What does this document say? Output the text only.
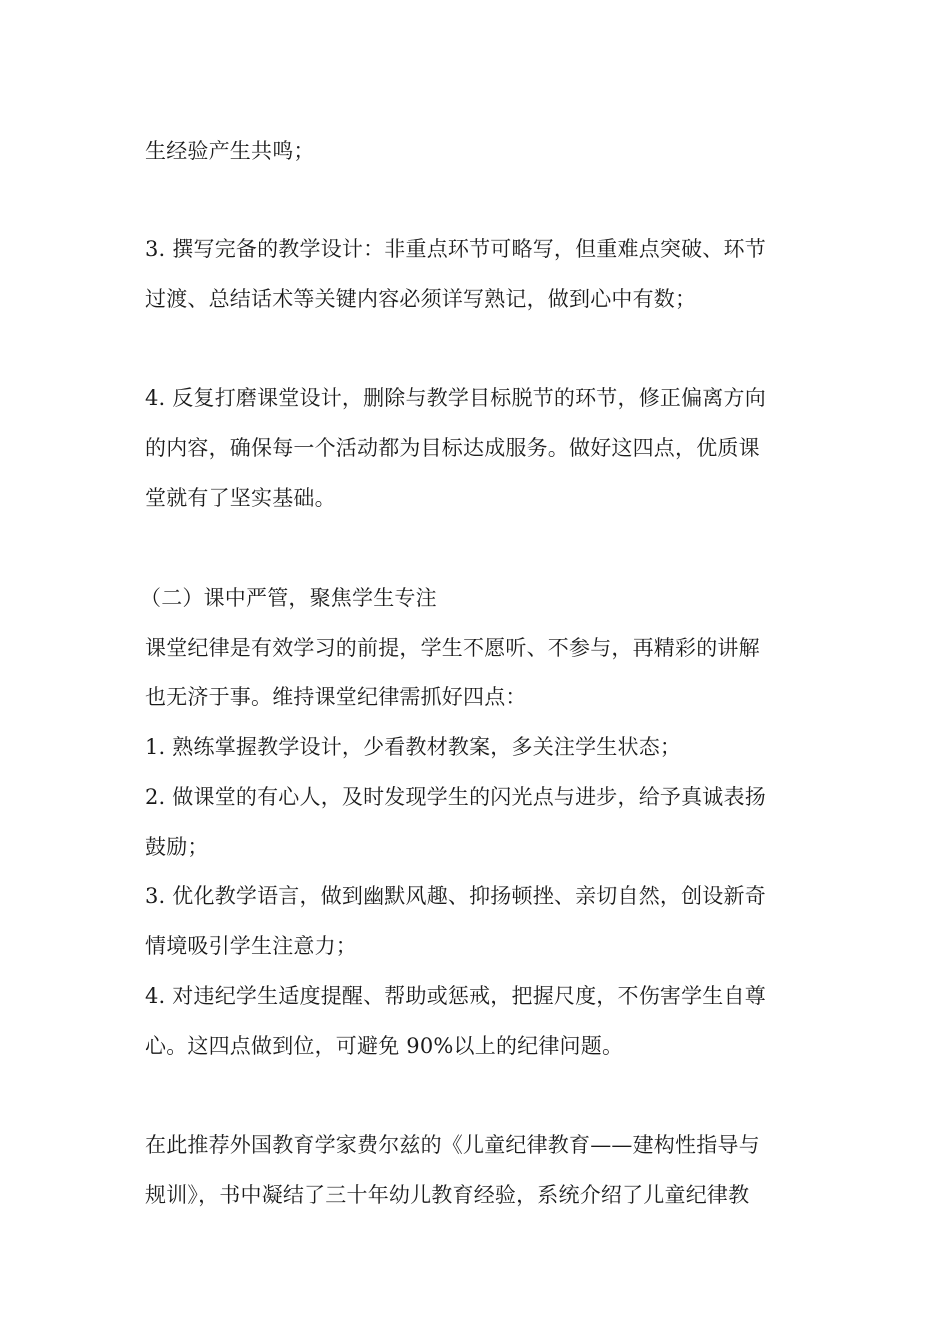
生经验产生共鸣；
3. 撰写完备的教学设计：非重点环节可略写，但重难点突破、环节
过渡、总结话术等关键内容必须详写熟记，做到心中有数；
4. 反复打磨课堂设计，删除与教学目标脱节的环节，修正偏离方向
的内容，确保每一个活动都为目标达成服务。做好这四点，优质课
堂就有了坚实基础。
（二）课中严管，聚焦学生专注
课堂纪律是有效学习的前提，学生不愿听、不参与，再精彩的讲解
也无济于事。维持课堂纪律需抓好四点：
1. 熟练掌握教学设计，少看教材教案，多关注学生状态；
2. 做课堂的有心人，及时发现学生的闪光点与进步，给予真诚表扬
鼓励；
3. 优化教学语言，做到幽默风趣、抑扬顿挫、亲切自然，创设新奇
情境吸引学生注意力；
4. 对违纪学生适度提醒、帮助或惩戒，把握尺度，不伤害学生自尊
心。这四点做到位，可避免 90%以上的纪律问题。
在此推荐外国教育学家费尔兹的《儿童纪律教育——建构性指导与
规训》，书中凝结了三十年幼儿教育经验，系统介绍了儿童纪律教
